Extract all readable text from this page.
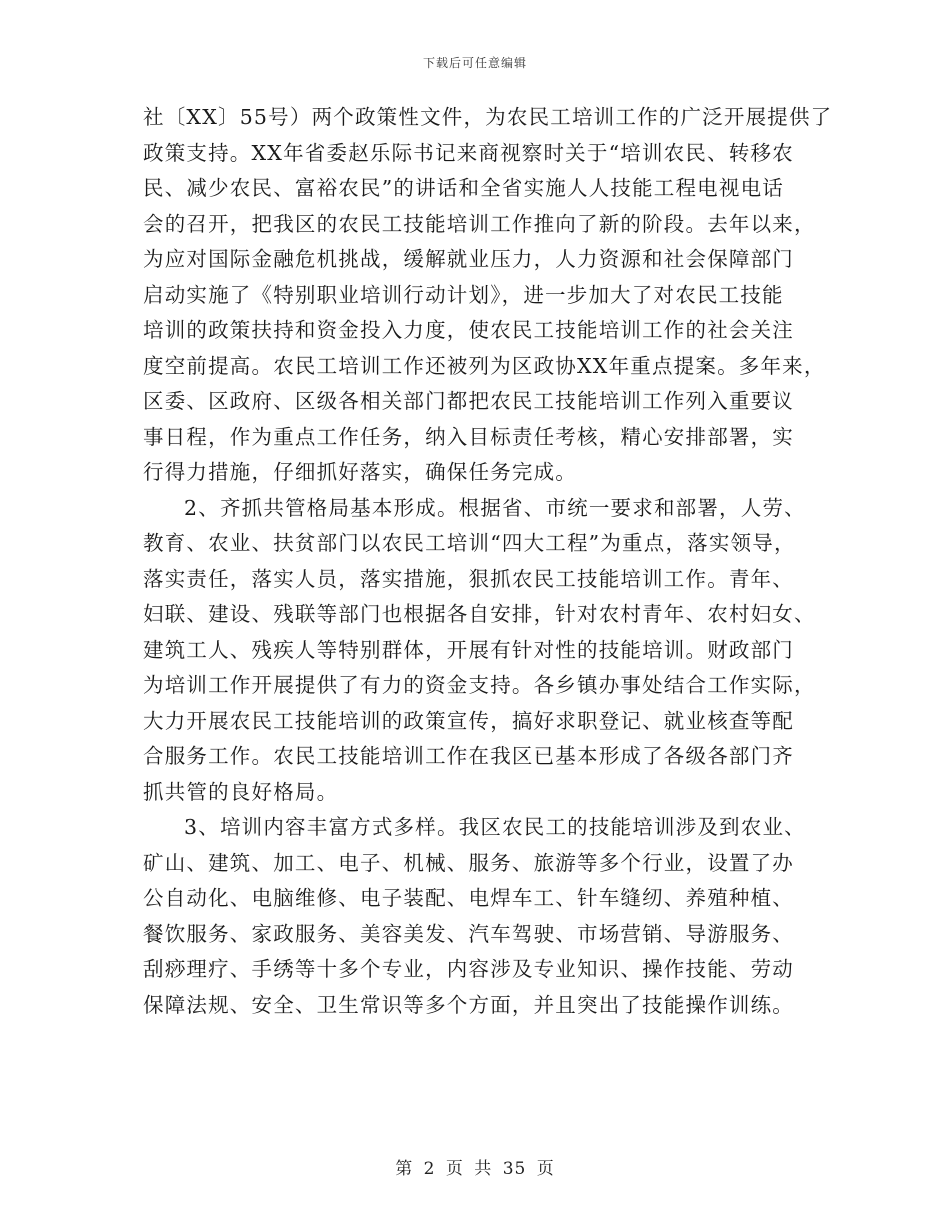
下载后可任意编辑
社〔XX〕55号）两个政策性文件，为农民工培训工作的广泛开展提供了
政策支持。XX年省委赵乐际书记来商视察时关于“培训农民、转移农
民、减少农民、富裕农民”的讲话和全省实施人人技能工程电视电话
会的召开，把我区的农民工技能培训工作推向了新的阶段。去年以来，
为应对国际金融危机挑战，缓解就业压力，人力资源和社会保障部门
启动实施了《特别职业培训行动计划》，进一步加大了对农民工技能
培训的政策扶持和资金投入力度，使农民工技能培训工作的社会关注
度空前提高。农民工培训工作还被列为区政协XX年重点提案。多年来，
区委、区政府、区级各相关部门都把农民工技能培训工作列入重要议
事日程，作为重点工作任务，纳入目标责任考核，精心安排部署，实
行得力措施，仔细抓好落实，确保任务完成。
2、齐抓共管格局基本形成。根据省、市统一要求和部署，人劳、
教育、农业、扶贫部门以农民工培训“四大工程”为重点，落实领导，
落实责任，落实人员，落实措施，狠抓农民工技能培训工作。青年、
妇联、建设、残联等部门也根据各自安排，针对农村青年、农村妇女、
建筑工人、残疾人等特别群体，开展有针对性的技能培训。财政部门
为培训工作开展提供了有力的资金支持。各乡镇办事处结合工作实际，
大力开展农民工技能培训的政策宣传，搞好求职登记、就业核查等配
合服务工作。农民工技能培训工作在我区已基本形成了各级各部门齐
抓共管的良好格局。
3、培训内容丰富方式多样。我区农民工的技能培训涉及到农业、
矿山、建筑、加工、电子、机械、服务、旅游等多个行业，设置了办
公自动化、电脑维修、电子装配、电焊车工、针车缝纫、养殖种植、
餐饮服务、家政服务、美容美发、汽车驾驶、市场营销、导游服务、
刮痧理疗、手绣等十多个专业，内容涉及专业知识、操作技能、劳动
保障法规、安全、卫生常识等多个方面，并且突出了技能操作训练。
第 2 页 共 35 页
